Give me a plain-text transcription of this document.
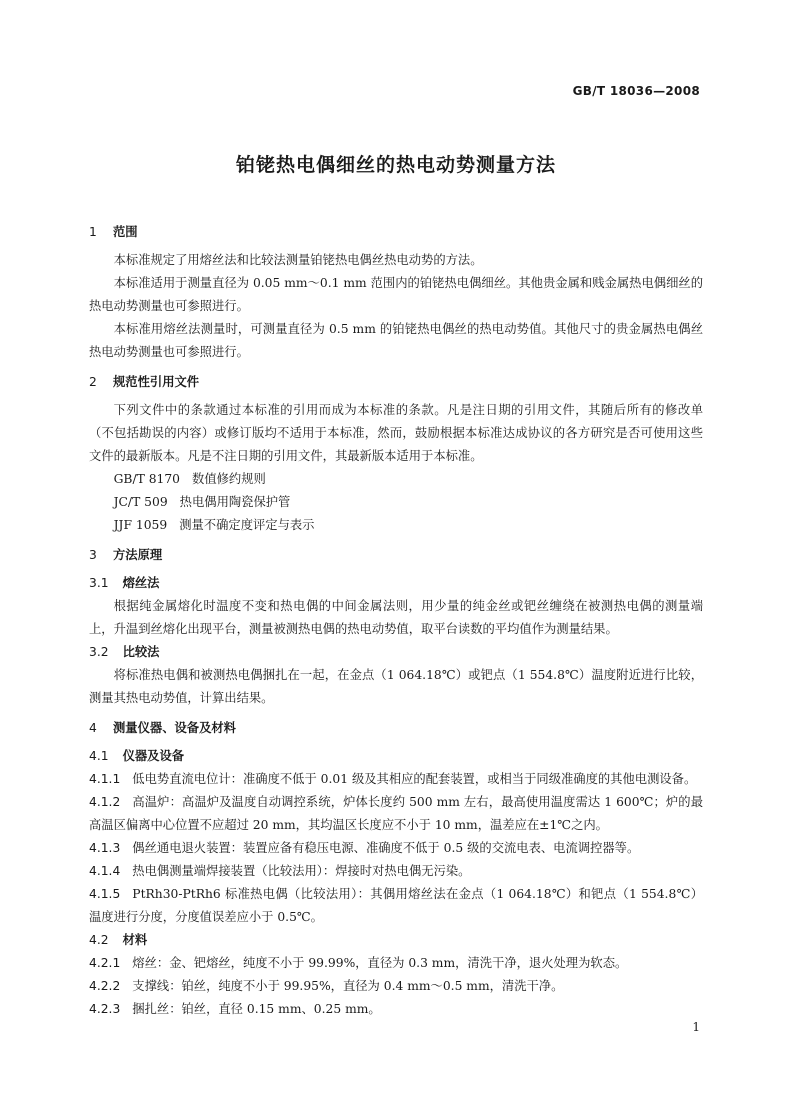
GB/T 18036—2008
铂铑热电偶细丝的热电动势测量方法
1 范围

本标准规定了用熔丝法和比较法测量铂铑热电偶丝热电动势的方法。

本标准适用于测量直径为 0.05 mm～0.1 mm 范围内的铂铑热电偶细丝。其他贵金属和贱金属热电偶细丝的热电动势测量也可参照进行。

本标准用熔丝法测量时，可测量直径为 0.5 mm 的铂铑热电偶丝的热电动势值。其他尺寸的贵金属热电偶丝热电动势测量也可参照进行。

2 规范性引用文件

下列文件中的条款通过本标准的引用而成为本标准的条款。凡是注日期的引用文件，其随后所有的修改单（不包括勘误的内容）或修订版均不适用于本标准，然而，鼓励根据本标准达成协议的各方研究是否可使用这些文件的最新版本。凡是不注日期的引用文件，其最新版本适用于本标准。

GB/T 8170 数值修约规则

JC/T 509 热电偶用陶瓷保护管

JJF 1059 测量不确定度评定与表示

3 方法原理
3.1 熔丝法

根据纯金属熔化时温度不变和热电偶的中间金属法则，用少量的纯金丝或钯丝缠绕在被测热电偶的测量端上，升温到丝熔化出现平台，测量被测热电偶的热电动势值，取平台读数的平均值作为测量结果。

3.2 比较法

将标准热电偶和被测热电偶捆扎在一起，在金点（1 064.18℃）或钯点（1 554.8℃）温度附近进行比较，测量其热电动势值，计算出结果。

4 测量仪器、设备及材料
4.1 仪器及设备

4.1.1 低电势直流电位计：准确度不低于 0.01 级及其相应的配套装置，或相当于同级准确度的其他电测设备。

4.1.2 高温炉：高温炉及温度自动调控系统，炉体长度约 500 mm 左右，最高使用温度需达 1 600℃；炉的最高温区偏离中心位置不应超过 20 mm，其均温区长度应不小于 10 mm，温差应在±1℃之内。

4.1.3 偶丝通电退火装置：装置应备有稳压电源、准确度不低于 0.5 级的交流电表、电流调控器等。

4.1.4 热电偶测量端焊接装置（比较法用）：焊接时对热电偶无污染。

4.1.5 PtRh30-PtRh6 标准热电偶（比较法用）：其偶用熔丝法在金点（1 064.18℃）和钯点（1 554.8℃）温度进行分度，分度值误差应小于 0.5℃。

4.2 材料

4.2.1 熔丝：金、钯熔丝，纯度不小于 99.99%，直径为 0.3 mm，清洗干净，退火处理为软态。

4.2.2 支撑线：铂丝，纯度不小于 99.95%，直径为 0.4 mm～0.5 mm，清洗干净。

4.2.3 捆扎丝：铂丝，直径 0.15 mm、0.25 mm。

1
